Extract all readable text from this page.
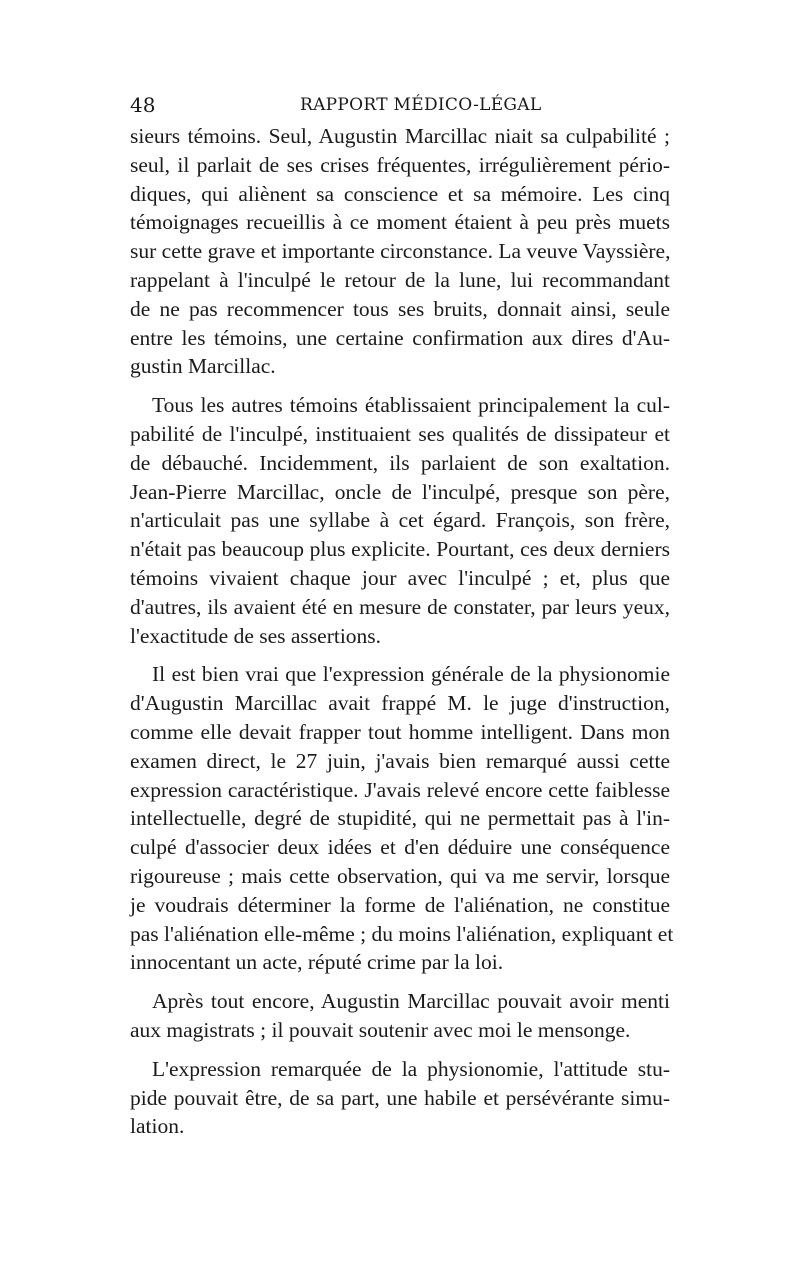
48	RAPPORT MÉDICO-LÉGAL
sieurs témoins. Seul, Augustin Marcillac niait sa culpabilité ;
seul, il parlait de ses crises fréquentes, irrégulièrement pério-
diques, qui aliènent sa conscience et sa mémoire. Les cinq
témoignages recueillis à ce moment étaient à peu près muets
sur cette grave et importante circonstance. La veuve Vayssière,
rappelant à l'inculpé le retour de la lune, lui recommandant
de ne pas recommencer tous ses bruits, donnait ainsi, seule
entre les témoins, une certaine confirmation aux dires d'Au-
gustin Marcillac.
Tous les autres témoins établissaient principalement la cul-
pabilité de l'inculpé, instituaient ses qualités de dissipateur et
de débauché. Incidemment, ils parlaient de son exaltation.
Jean-Pierre Marcillac, oncle de l'inculpé, presque son père,
n'articulait pas une syllabe à cet égard. François, son frère,
n'était pas beaucoup plus explicite. Pourtant, ces deux derniers
témoins vivaient chaque jour avec l'inculpé ; et, plus que
d'autres, ils avaient été en mesure de constater, par leurs yeux,
l'exactitude de ses assertions.
Il est bien vrai que l'expression générale de la physionomie
d'Augustin Marcillac avait frappé M. le juge d'instruction,
comme elle devait frapper tout homme intelligent. Dans mon
examen direct, le 27 juin, j'avais bien remarqué aussi cette
expression caractéristique. J'avais relevé encore cette faiblesse
intellectuelle, degré de stupidité, qui ne permettait pas à l'in-
culpé d'associer deux idées et d'en déduire une conséquence
rigoureuse ; mais cette observation, qui va me servir, lorsque
je voudrais déterminer la forme de l'aliénation, ne constitue
pas l'aliénation elle-même ; du moins l'aliénation, expliquant et
innocentant un acte, réputé crime par la loi.
Après tout encore, Augustin Marcillac pouvait avoir menti
aux magistrats ; il pouvait soutenir avec moi le mensonge.
L'expression remarquée de la physionomie, l'attitude stu-
pide pouvait être, de sa part, une habile et persévérante simu-
lation.
